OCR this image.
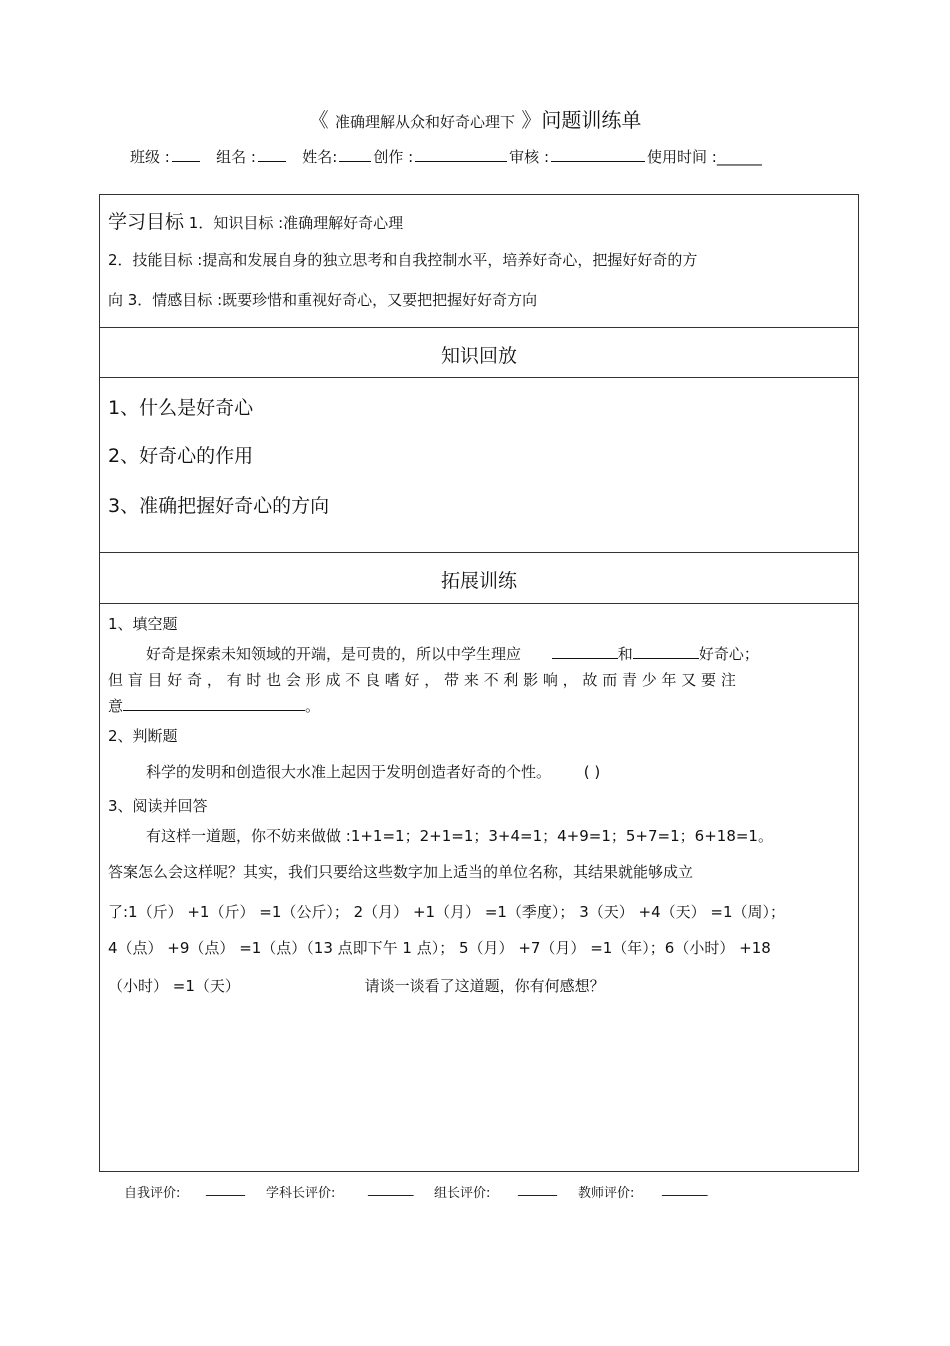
《 准确理解从众和好奇心理下 》问题训练单
班级 :	组名 :	姓名: 创作 :	审核 :	使用时间 :______
学习目标 1．知识目标 :准确理解好奇心理
2．技能目标 :提高和发展自身的独立思考和自我控制水平，培养好奇心，把握好好奇的方
向 3．情感目标 :既要珍惜和重视好奇心，又要把把握好好奇方向
知识回放
1、什么是好奇心
2、好奇心的作用
3、准确把握好奇心的方向
拓展训练
1、填空题
好奇是探索未知领域的开端，是可贵的，所以中学生理应	和	好奇心；
但 盲 目 好 奇 ， 有 时 也 会 形 成 不 良 嗜 好 ， 带 来 不 利 影 响 ， 故 而 青 少 年 又 要 注
意	。
2、判断题
科学的发明和创造很大水准上起因于发明创造者好奇的个性。 ( )
3、阅读并回答
有这样一道题，你不妨来做做 :1+1=1；2+1=1；3+4=1；4+9=1；5+7=1；6+18=1。
答案怎么会这样呢？其实，我们只要给这些数字加上适当的单位名称，其结果就能够成立
了:1（斤） +1（斤） =1（公斤）； 2（月） +1（月） =1（季度）； 3（天） +4（天） =1（周）；
4（点） +9（点） =1（点）（13 点即下午 1 点）； 5（月） +7（月） =1（年）；6（小时） +18
（小时） =1（天）	请谈一谈看了这道题，你有何感想？
自我评价: ______ 学科长评价:	_______ 组长评价: ______ 教师评价: _______
